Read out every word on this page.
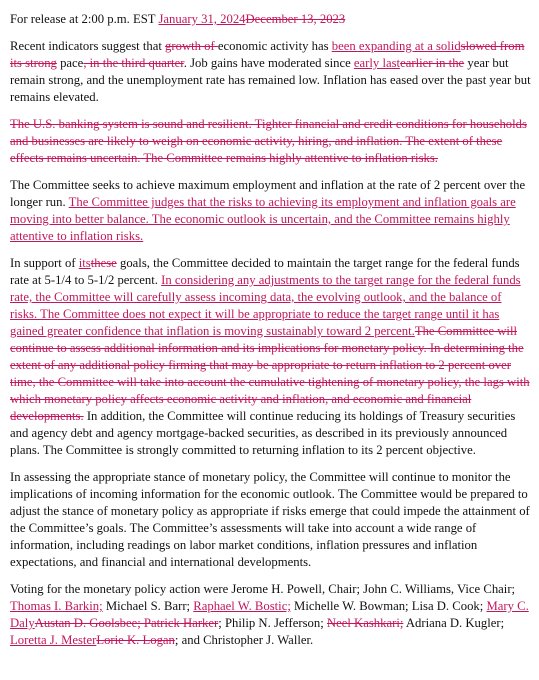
For release at 2:00 p.m. EST January 31, 2024December 13, 2023

Recent indicators suggest that growth of economic activity has been expanding at a solidslowed from its strong pace, in the third quarter. Job gains have moderated since early lastearlier in the year but remain strong, and the unemployment rate has remained low. Inflation has eased over the past year but remains elevated.

The U.S. banking system is sound and resilient. Tighter financial and credit conditions for households and businesses are likely to weigh on economic activity, hiring, and inflation. The extent of these effects remains uncertain. The Committee remains highly attentive to inflation risks.

The Committee seeks to achieve maximum employment and inflation at the rate of 2 percent over the longer run. The Committee judges that the risks to achieving its employment and inflation goals are moving into better balance. The economic outlook is uncertain, and the Committee remains highly attentive to inflation risks.

In support of itsthese goals, the Committee decided to maintain the target range for the federal funds rate at 5-1/4 to 5-1/2 percent. In considering any adjustments to the target range for the federal funds rate, the Committee will carefully assess incoming data, the evolving outlook, and the balance of risks. The Committee does not expect it will be appropriate to reduce the target range until it has gained greater confidence that inflation is moving sustainably toward 2 percent.The Committee will continue to assess additional information and its implications for monetary policy. In determining the extent of any additional policy firming that may be appropriate to return inflation to 2 percent over time, the Committee will take into account the cumulative tightening of monetary policy, the lags with which monetary policy affects economic activity and inflation, and economic and financial developments. In addition, the Committee will continue reducing its holdings of Treasury securities and agency debt and agency mortgage-backed securities, as described in its previously announced plans. The Committee is strongly committed to returning inflation to its 2 percent objective.

In assessing the appropriate stance of monetary policy, the Committee will continue to monitor the implications of incoming information for the economic outlook. The Committee would be prepared to adjust the stance of monetary policy as appropriate if risks emerge that could impede the attainment of the Committee’s goals. The Committee’s assessments will take into account a wide range of information, including readings on labor market conditions, inflation pressures and inflation expectations, and financial and international developments.

Voting for the monetary policy action were Jerome H. Powell, Chair; John C. Williams, Vice Chair; Thomas I. Barkin; Michael S. Barr; Raphael W. Bostic; Michelle W. Bowman; Lisa D. Cook; Mary C. DalyAustan D. Goolsbee; Patrick Harker; Philip N. Jefferson; Neel Kashkari; Adriana D. Kugler; Loretta J. MesterLorie K. Logan; and Christopher J. Waller.
